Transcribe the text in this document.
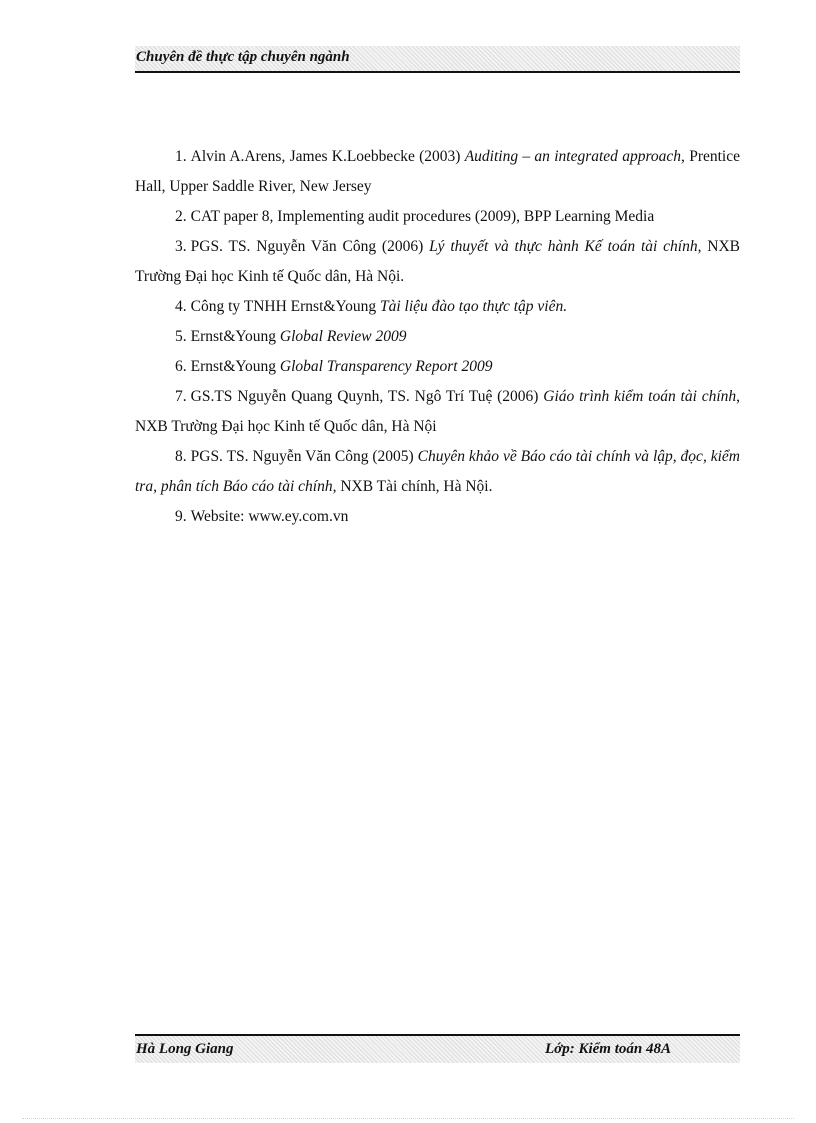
Chuyên đề thực tập chuyên ngành
1. Alvin A.Arens, James K.Loebbecke (2003) Auditing – an integrated approach, Prentice Hall, Upper Saddle River, New Jersey
2. CAT paper 8, Implementing audit procedures (2009), BPP Learning Media
3. PGS. TS. Nguyễn Văn Công (2006) Lý thuyết và thực hành Kế toán tài chính, NXB Trường Đại học Kinh tế Quốc dân, Hà Nội.
4. Công ty TNHH Ernst&Young Tài liệu đào tạo thực tập viên.
5. Ernst&Young Global Review 2009
6. Ernst&Young Global Transparency Report 2009
7. GS.TS Nguyễn Quang Quynh, TS. Ngô Trí Tuệ (2006) Giáo trình kiểm toán tài chính, NXB Trường Đại học Kinh tế Quốc dân, Hà Nội
8. PGS. TS. Nguyễn Văn Công (2005) Chuyên khảo về Báo cáo tài chính và lập, đọc, kiểm tra, phân tích Báo cáo tài chính, NXB Tài chính, Hà Nội.
9. Website: www.ey.com.vn
Hà Long Giang	Lớp: Kiểm toán 48A
